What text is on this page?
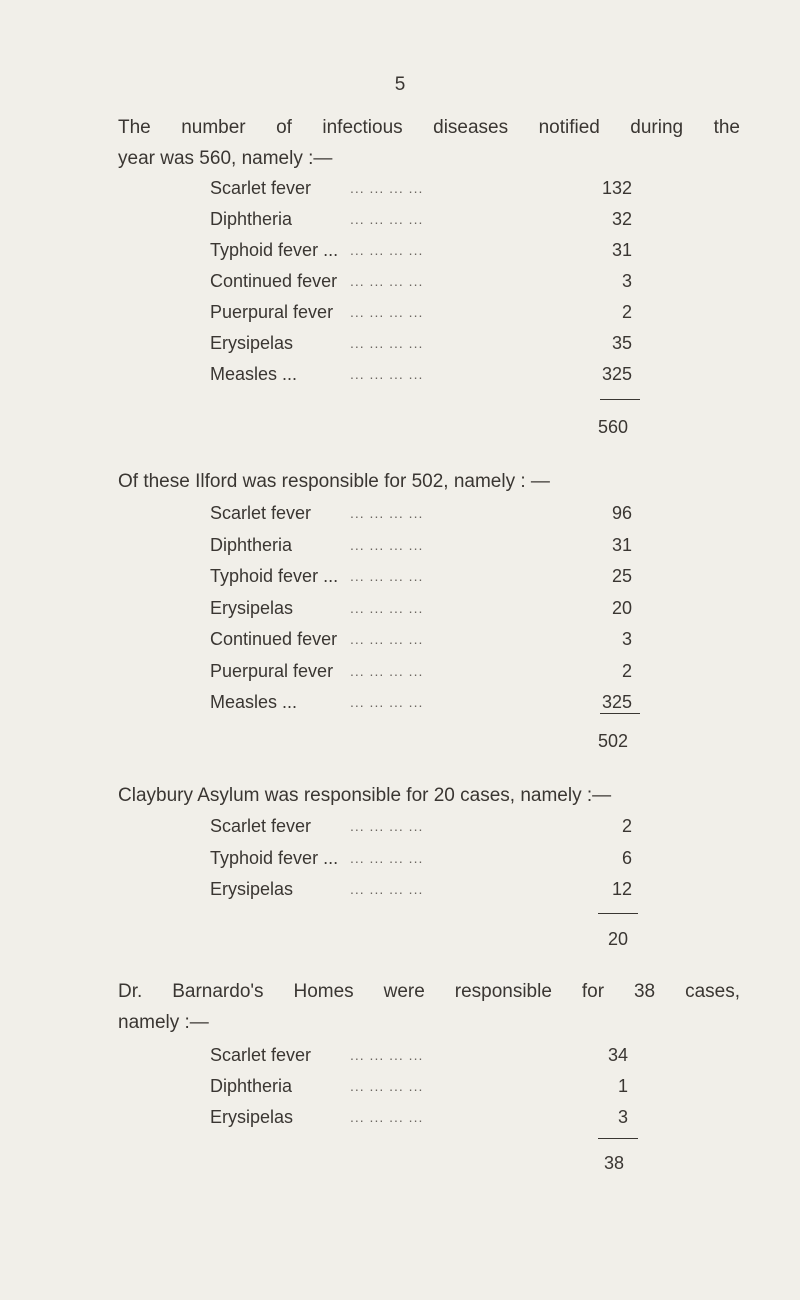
5
The number of infectious diseases notified during the
year was 560, namely :—
... ... ... ...
Scarlet fever	132
... ... ... ...
Diphtheria	32
... ... ... ...
Typhoid fever ...	31
... ... ... ...
Continued fever	3
... ... ... ...
Puerpural fever	2
... ... ... ...
Erysipelas	35
... ... ... ...
Measles ...	325
560
Of these Ilford was responsible for 502, namely : —
... ... ... ...
Scarlet fever	96
... ... ... ...
Diphtheria	31
... ... ... ...
Typhoid fever ...	25
... ... ... ...
Erysipelas	20
... ... ... ...
Continued fever	3
... ... ... ...
Puerpural fever	2
... ... ... ...
Measles ...	325
502
Claybury Asylum was responsible for 20 cases, namely :—
... ... ... ...
Scarlet fever	2
... ... ... ...
Typhoid fever ...	6
... ... ... ...
Erysipelas	12
20
Dr. Barnardo's Homes were responsible for 38 cases,
namely :—
... ... ... ...
Scarlet fever	34
... ... ... ...
Diphtheria	1
... ... ... ...
Erysipelas	3
38
